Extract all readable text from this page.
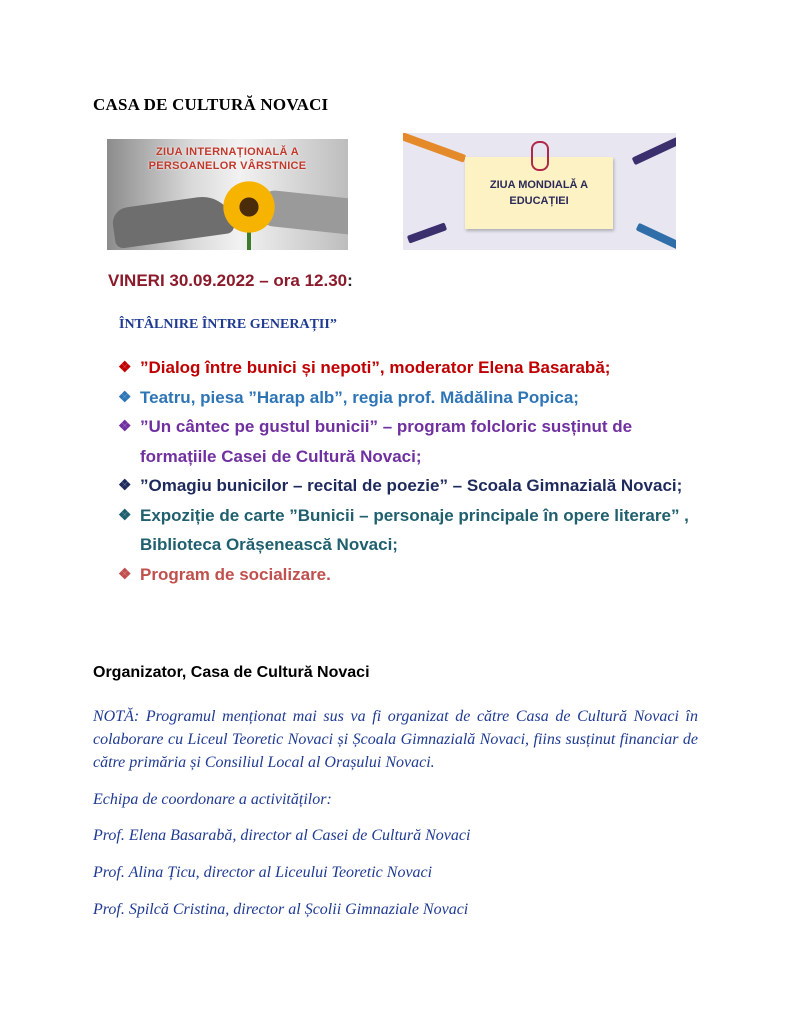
CASA DE CULTURĂ NOVACI
ZIUA INTERNAȚIONALĂ A
PERSOANELOR VÂRSTNICE
ZIUA MONDIALĂ A
EDUCAȚIEI
VINERI 30.09.2022 – ora 12.30:
ÎNTÂLNIRE ÎNTRE GENERAȚII”
❖ ”Dialog între bunici și nepoti”, moderator Elena Basarabă;
❖ Teatru, piesa ”Harap alb”, regia prof. Mădălina Popica;
❖ ”Un cântec pe gustul bunicii” – program folcloric susținut de formațiile Casei de Cultură Novaci;
❖ ”Omagiu bunicilor – recital de poezie” – Scoala Gimnazială Novaci;
❖ Expoziție de carte ”Bunicii – personaje principale în opere literare” , Biblioteca Orășenească Novaci;
❖ Program de socializare.
Organizator, Casa de Cultură Novaci

NOTĂ: Programul menționat mai sus va fi organizat de către Casa de Cultură Novaci în colaborare cu Liceul Teoretic Novaci și Școala Gimnazială Novaci, fiins susținut financiar de către primăria și Consiliul Local al Orașului Novaci.

Echipa de coordonare a activităților:
Prof. Elena Basarabă, director al Casei de Cultură Novaci
Prof. Alina Țicu, director al Liceului Teoretic Novaci
Prof. Spilcă Cristina, director al Școlii Gimnaziale Novaci
